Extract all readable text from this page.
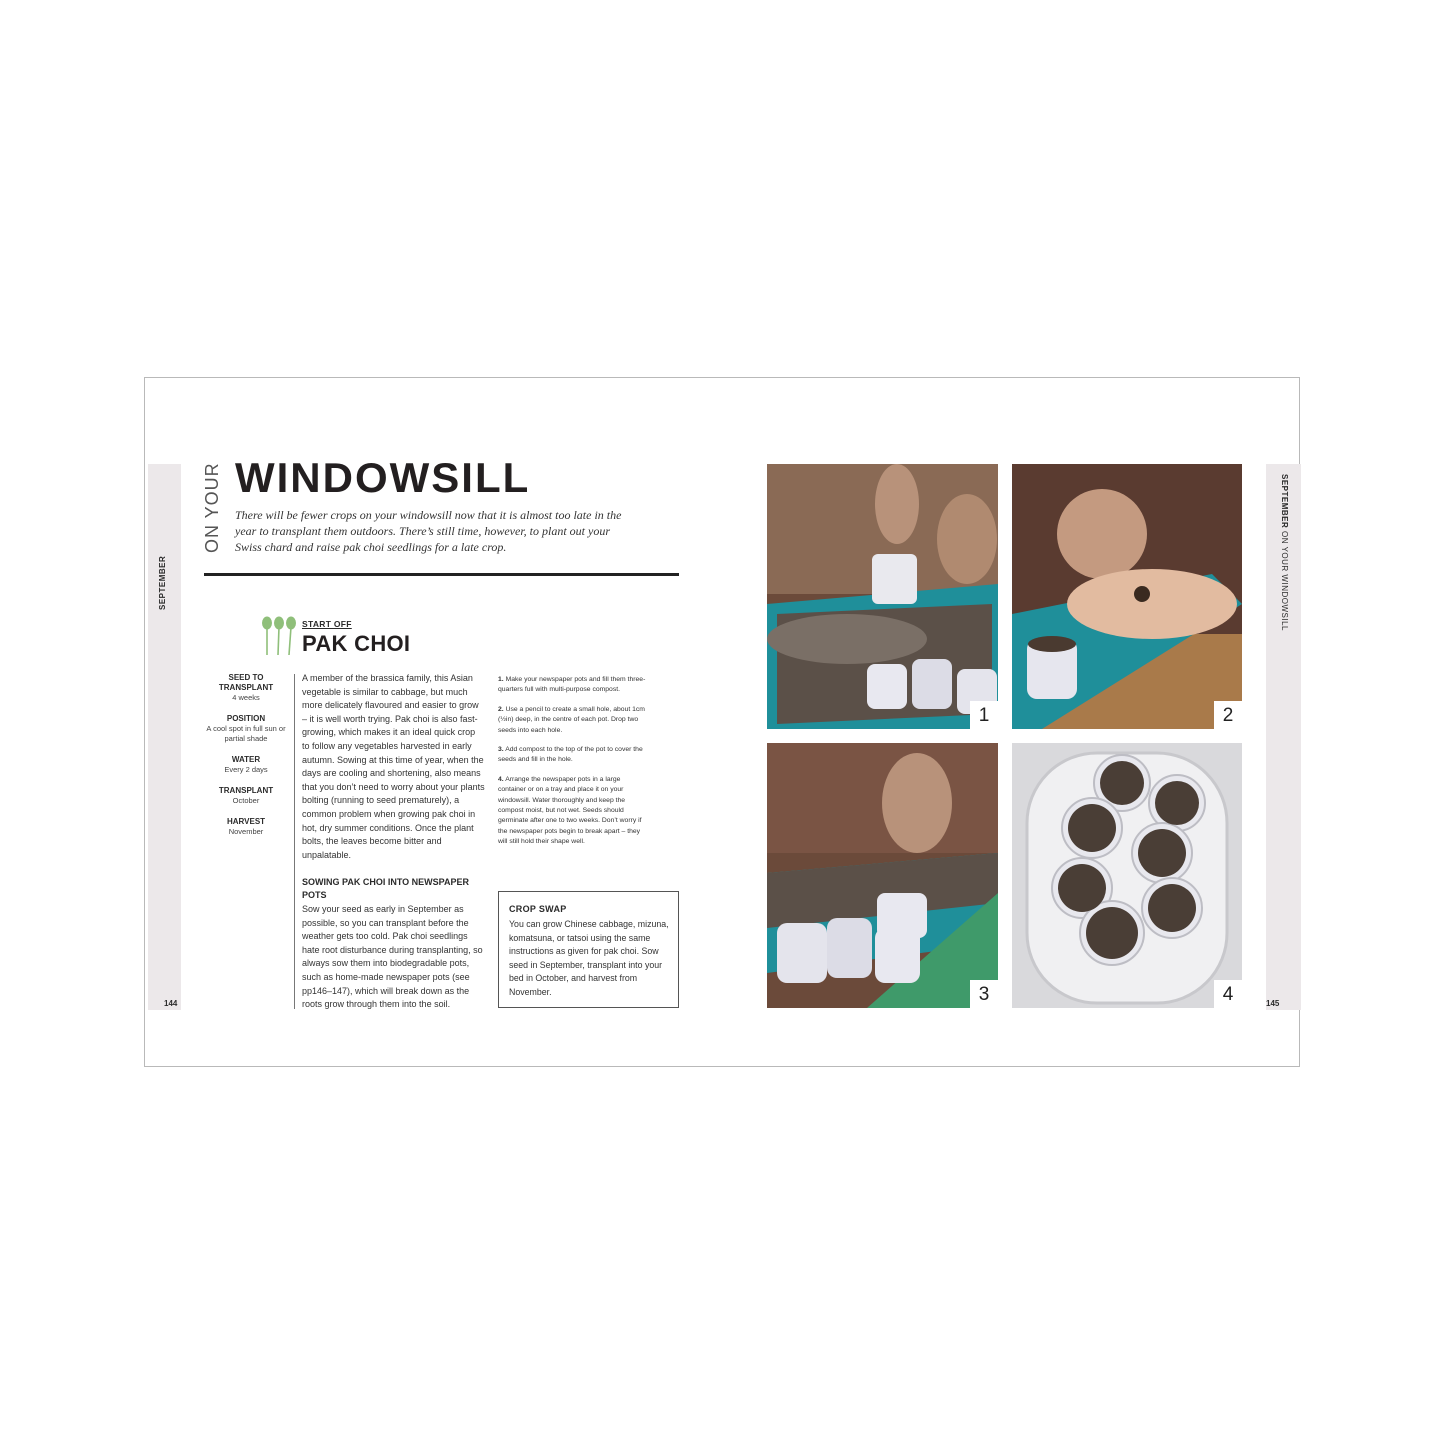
SEPTEMBER
144
ON YOUR WINDOWSILL
There will be fewer crops on your windowsill now that it is almost too late in the year to transplant them outdoors. There’s still time, however, to plant out your Swiss chard and raise pak choi seedlings for a late crop.
START OFF
PAK CHOI
SEED TO TRANSPLANT
4 weeks
POSITION
A cool spot in full sun or partial shade
WATER
Every 2 days
TRANSPLANT
October
HARVEST
November
A member of the brassica family, this Asian vegetable is similar to cabbage, but much more delicately flavoured and easier to grow – it is well worth trying. Pak choi is also fast-growing, which makes it an ideal quick crop to follow any vegetables harvested in early autumn. Sowing at this time of year, when the days are cooling and shortening, also means that you don’t need to worry about your plants bolting (running to seed prematurely), a common problem when growing pak choi in hot, dry summer conditions. Once the plant bolts, the leaves become bitter and unpalatable.
SOWING PAK CHOI INTO NEWSPAPER POTS
Sow your seed as early in September as possible, so you can transplant before the weather gets too cold. Pak choi seedlings hate root disturbance during transplanting, so always sow them into biodegradable pots, such as home-made newspaper pots (see pp146–147), which will break down as the roots grow through them into the soil.
1. Make your newspaper pots and fill them three-quarters full with multi-purpose compost.
2. Use a pencil to create a small hole, about 1cm (½in) deep, in the centre of each pot. Drop two seeds into each hole.
3. Add compost to the top of the pot to cover the seeds and fill in the hole.
4. Arrange the newspaper pots in a large container or on a tray and place it on your windowsill. Water thoroughly and keep the compost moist, but not wet. Seeds should germinate after one to two weeks. Don’t worry if the newspaper pots begin to break apart – they will still hold their shape well.
CROP SWAP
You can grow Chinese cabbage, mizuna, komatsuna, or tatsoi using the same instructions as given for pak choi. Sow seed in September, transplant into your bed in October, and harvest from November.
1	2
3	4
SEPTEMBER ON YOUR WINDOWSILL
145
